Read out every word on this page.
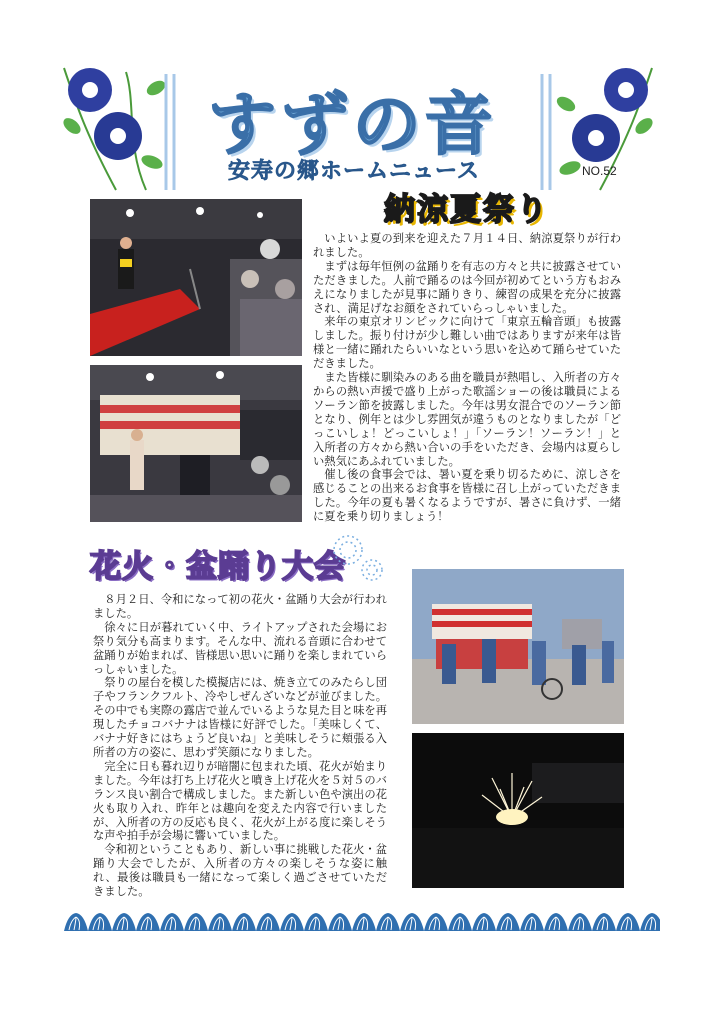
すずの音
安寿の郷ホームニュース	NO.52
納涼夏祭り

いよいよ夏の到来を迎えた７月１４日、納涼夏祭りが行われました。

まずは毎年恒例の盆踊りを有志の方々と共に披露させていただきました。人前で踊るのは今回が初めてという方もおみえになりましたが見事に踊りきり、練習の成果を充分に披露され、満足げなお顔をされていらっしゃいました。

来年の東京オリンピックに向けて「東京五輪音頭」も披露しました。振り付けが少し難しい曲ではありますが来年は皆様と一緒に踊れたらいいなという思いを込めて踊らせていただきました。

また皆様に馴染みのある曲を職員が熱唱し、入所者の方々からの熱い声援で盛り上がった歌謡ショーの後は職員によるソーラン節を披露しました。今年は男女混合でのソーラン節となり、例年とは少し雰囲気が違うものとなりましたが「どっこいしょ！どっこいしょ！」「ソーラン！ソーラン！」と入所者の方々から熱い合いの手をいただき、会場内は夏らしい熱気にあふれていました。

催し後の食事会では、暑い夏を乗り切るために、涼しさを感じることの出来るお食事を皆様に召し上がっていただきました。今年の夏も暑くなるようですが、暑さに負けず、一緒に夏を乗り切りましょう！

花火・盆踊り大会

８月２日、令和になって初の花火・盆踊り大会が行われました。

徐々に日が暮れていく中、ライトアップされた会場にお祭り気分も高まります。そんな中、流れる音頭に合わせて盆踊りが始まれば、皆様思い思いに踊りを楽しまれていらっしゃいました。

祭りの屋台を模した模擬店には、焼き立てのみたらし団子やフランクフルト、冷やしぜんざいなどが並びました。その中でも実際の露店で並んでいるような見た目と味を再現したチョコバナナは皆様に好評でした。「美味しくて、バナナ好きにはちょうど良いね」と美味しそうに頬張る入所者の方の姿に、思わず笑顔になりました。

完全に日も暮れ辺りが暗闇に包まれた頃、花火が始まりました。今年は打ち上げ花火と噴き上げ花火を５対５のバランス良い割合で構成しました。また新しい色や演出の花火も取り入れ、昨年とは趣向を変えた内容で行いましたが、入所者の方の反応も良く、花火が上がる度に楽しそうな声や拍手が会場に響いていました。

令和初ということもあり、新しい事に挑戦した花火・盆踊り大会でしたが、入所者の方々の楽しそうな姿に触れ、最後は職員も一緒になって楽しく過ごさせていただきました。
